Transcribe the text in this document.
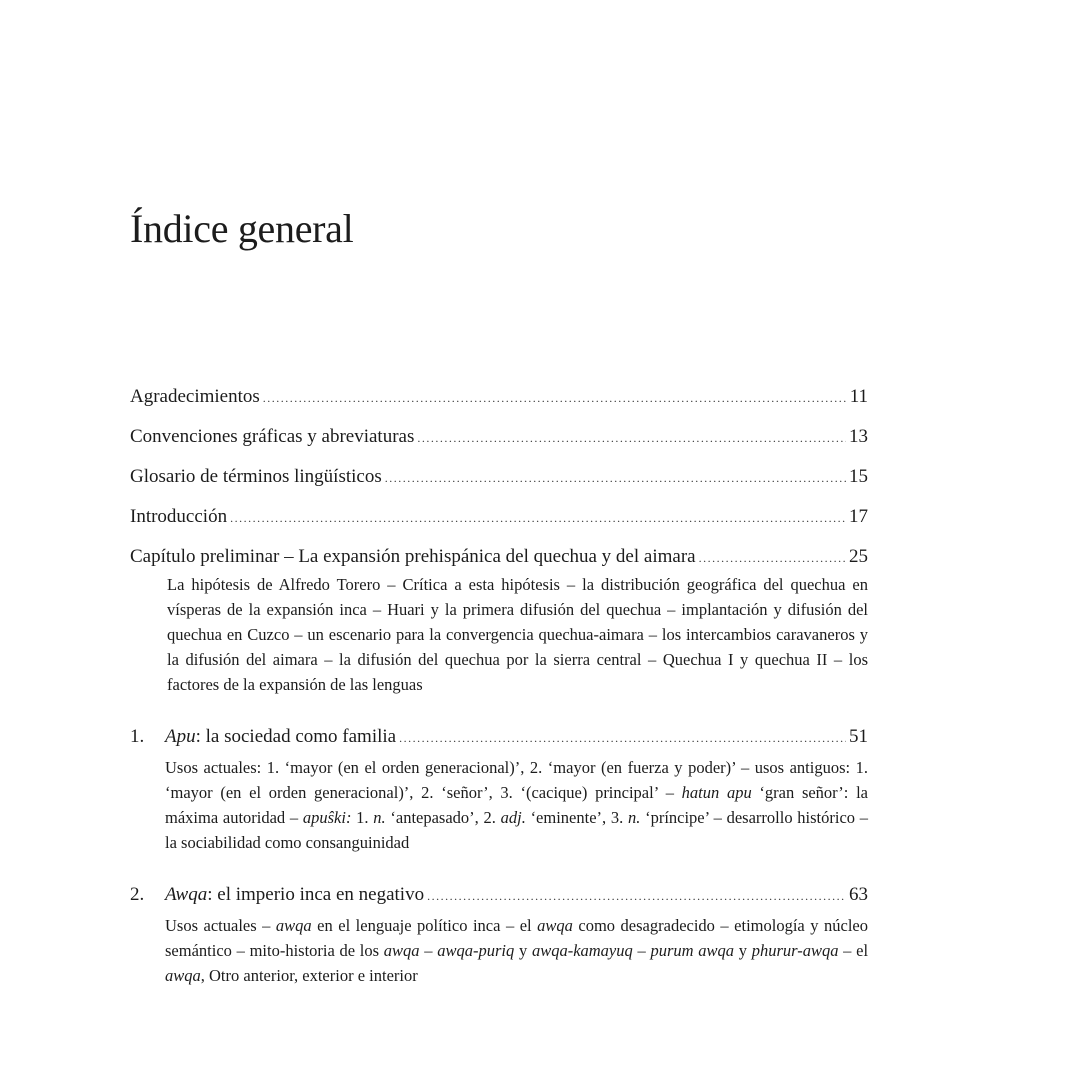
Índice general
Agradecimientos .....	11
Convenciones gráficas y abreviaturas .....	13
Glosario de términos lingüísticos .....	15
Introducción .....	17
Capítulo preliminar – La expansión prehispánica del quechua y del aimara .....	25

La hipótesis de Alfredo Torero – Crítica a esta hipótesis – la distribución geográfica del quechua en vísperas de la expansión inca – Huari y la primera difusión del quechua – implantación y difusión del quechua en Cuzco – un escenario para la convergencia quechua-aimara – los intercambios caravaneros y la difusión del aimara – la difusión del quechua por la sierra central – Quechua I y quechua II – los factores de la expansión de las lenguas

1.	Apu: la sociedad como familia .....	51

Usos actuales: 1. ‘mayor (en el orden generacional)’, 2. ‘mayor (en fuerza y poder)’ – usos antiguos: 1. ‘mayor (en el orden generacional)’, 2. ‘señor’, 3. ‘(cacique) principal’ – hatun apu ‘gran señor’: la máxima autoridad – apuŝki: 1. n. ‘antepasado’, 2. adj. ‘eminente’, 3. n. ‘príncipe’ – desarrollo histórico – la sociabilidad como consanguinidad

2.	Awqa: el imperio inca en negativo .....	63

Usos actuales – awqa en el lenguaje político inca – el awqa como desagradecido – etimología y núcleo semántico – mito-historia de los awqa – awqa-puriq y awqa-kamayuq – purum awqa y phurur-awqa – el awqa, Otro anterior, exterior e interior
